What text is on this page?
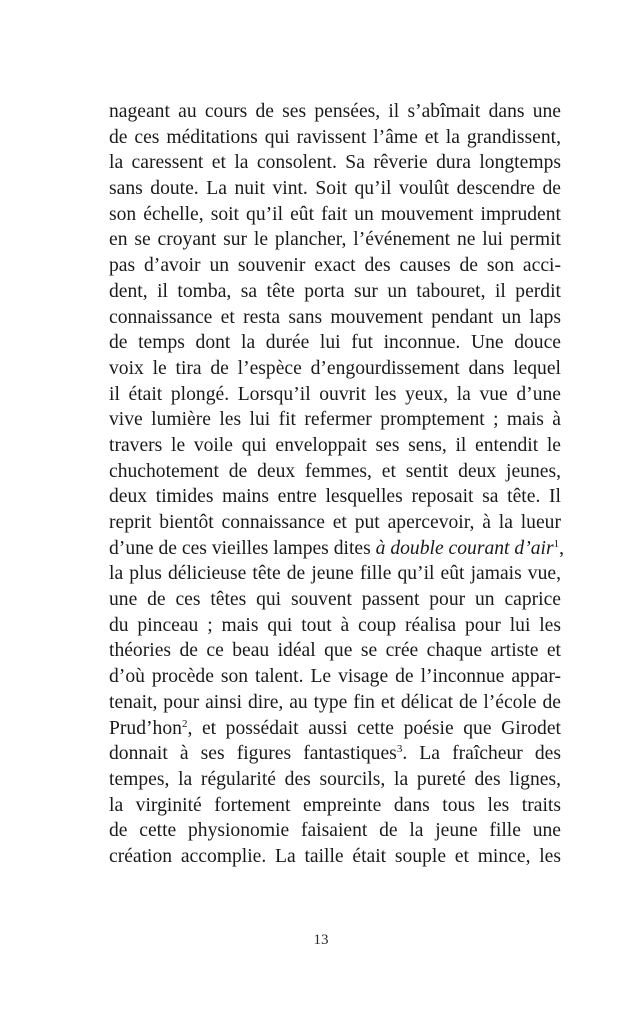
nageant au cours de ses pensées, il s’abîmait dans une
de ces méditations qui ravissent l’âme et la grandissent,
la caressent et la consolent. Sa rêverie dura longtemps
sans doute. La nuit vint. Soit qu’il voulût descendre de
son échelle, soit qu’il eût fait un mouvement imprudent
en se croyant sur le plancher, l’événement ne lui permit
pas d’avoir un souvenir exact des causes de son acci-
dent, il tomba, sa tête porta sur un tabouret, il perdit
connaissance et resta sans mouvement pendant un laps
de temps dont la durée lui fut inconnue. Une douce
voix le tira de l’espèce d’engourdissement dans lequel
il était plongé. Lorsqu’il ouvrit les yeux, la vue d’une
vive lumière les lui fit refermer promptement ; mais à
travers le voile qui enveloppait ses sens, il entendit le
chuchotement de deux femmes, et sentit deux jeunes,
deux timides mains entre lesquelles reposait sa tête. Il
reprit bientôt connaissance et put apercevoir, à la lueur
d’une de ces vieilles lampes dites à double courant d’air$^1$,
la plus délicieuse tête de jeune fille qu’il eût jamais vue,
une de ces têtes qui souvent passent pour un caprice
du pinceau ; mais qui tout à coup réalisa pour lui les
théories de ce beau idéal que se crée chaque artiste et
d’où procède son talent. Le visage de l’inconnue appar-
tenait, pour ainsi dire, au type fin et délicat de l’école de
Prud’hon$^2$, et possédait aussi cette poésie que Girodet
donnait à ses figures fantastiques$^3$. La fraîcheur des
tempes, la régularité des sourcils, la pureté des lignes,
la virginité fortement empreinte dans tous les traits
de cette physionomie faisaient de la jeune fille une
création accomplie. La taille était souple et mince, les
13
